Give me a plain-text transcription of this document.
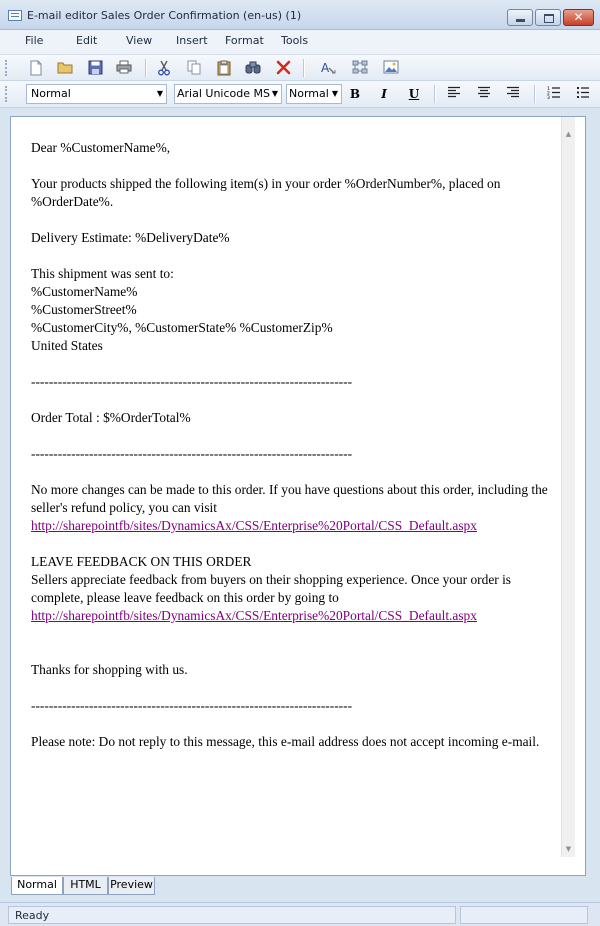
E-mail editor Sales Order Confirmation (en-us) (1)	✕
File	Edit	View Insert Format Tools
A
Normal	▼ Arial Unicode MS ▼ Normal ▼ B	I	U	1
2
3

Dear %CustomerName%,

Your products shipped the following item(s) in your order %OrderNumber%, placed on %OrderDate%.

Delivery Estimate: %DeliveryDate%

This shipment was sent to:

%CustomerName%

%CustomerStreet%

%CustomerCity%, %CustomerState% %CustomerZip%

United States

------------------------------------------------------------------------

Order Total : $%OrderTotal%

------------------------------------------------------------------------

No more changes can be made to this order. If you have questions about this order, including the seller's refund policy, you can visit

http://sharepointfb/sites/DynamicsAx/CSS/Enterprise%20Portal/CSS_Default.aspx

LEAVE FEEDBACK ON THIS ORDER

Sellers appreciate feedback from buyers on their shopping experience. Once your order is complete, please leave feedback on this order by going to

http://sharepointfb/sites/DynamicsAx/CSS/Enterprise%20Portal/CSS_Default.aspx

Thanks for shopping with us.

------------------------------------------------------------------------

Please note: Do not reply to this message, this e-mail address does not accept incoming e-mail.

▲
▼
Normal	HTML Preview
Ready
